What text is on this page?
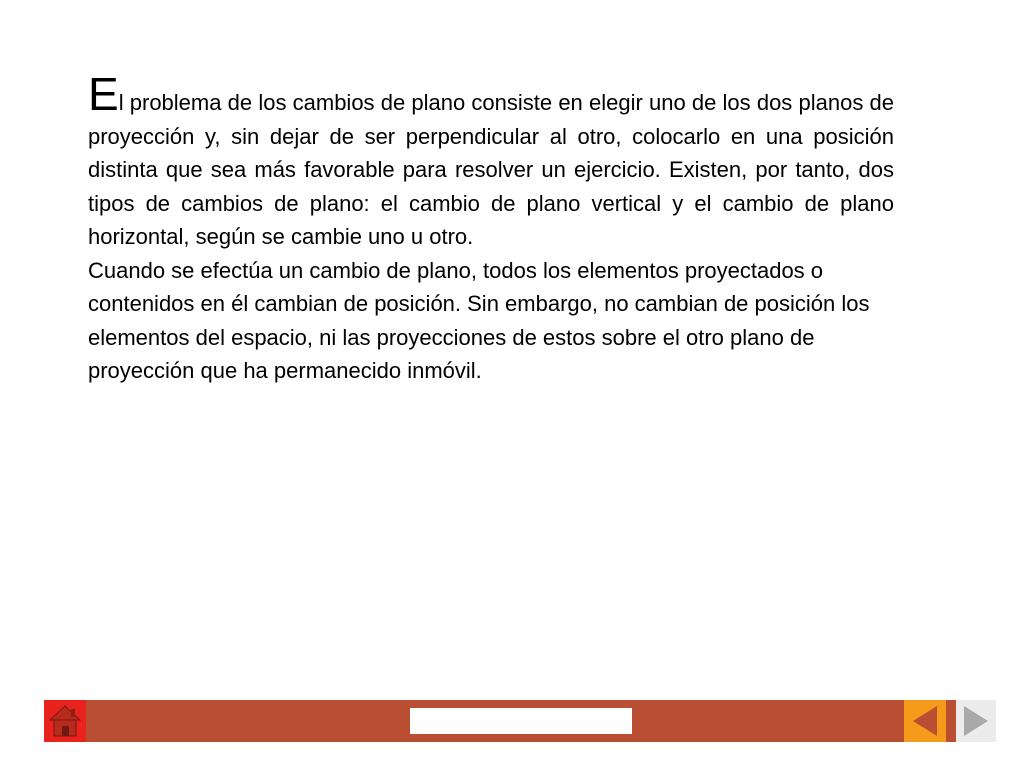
El problema de los cambios de plano consiste en elegir uno de los dos planos de proyección y, sin dejar de ser perpendicular al otro, colocarlo en una posición distinta que sea más favorable para resolver un ejercicio. Existen, por tanto, dos tipos de cambios de plano: el cambio de plano vertical y el cambio de plano horizontal, según se cambie uno u otro.

Cuando se efectúa un cambio de plano, todos los elementos proyectados o contenidos en él cambian de posición. Sin embargo, no cambian de posición los elementos del espacio, ni las proyecciones de estos sobre el otro plano de proyección que ha permanecido inmóvil.
